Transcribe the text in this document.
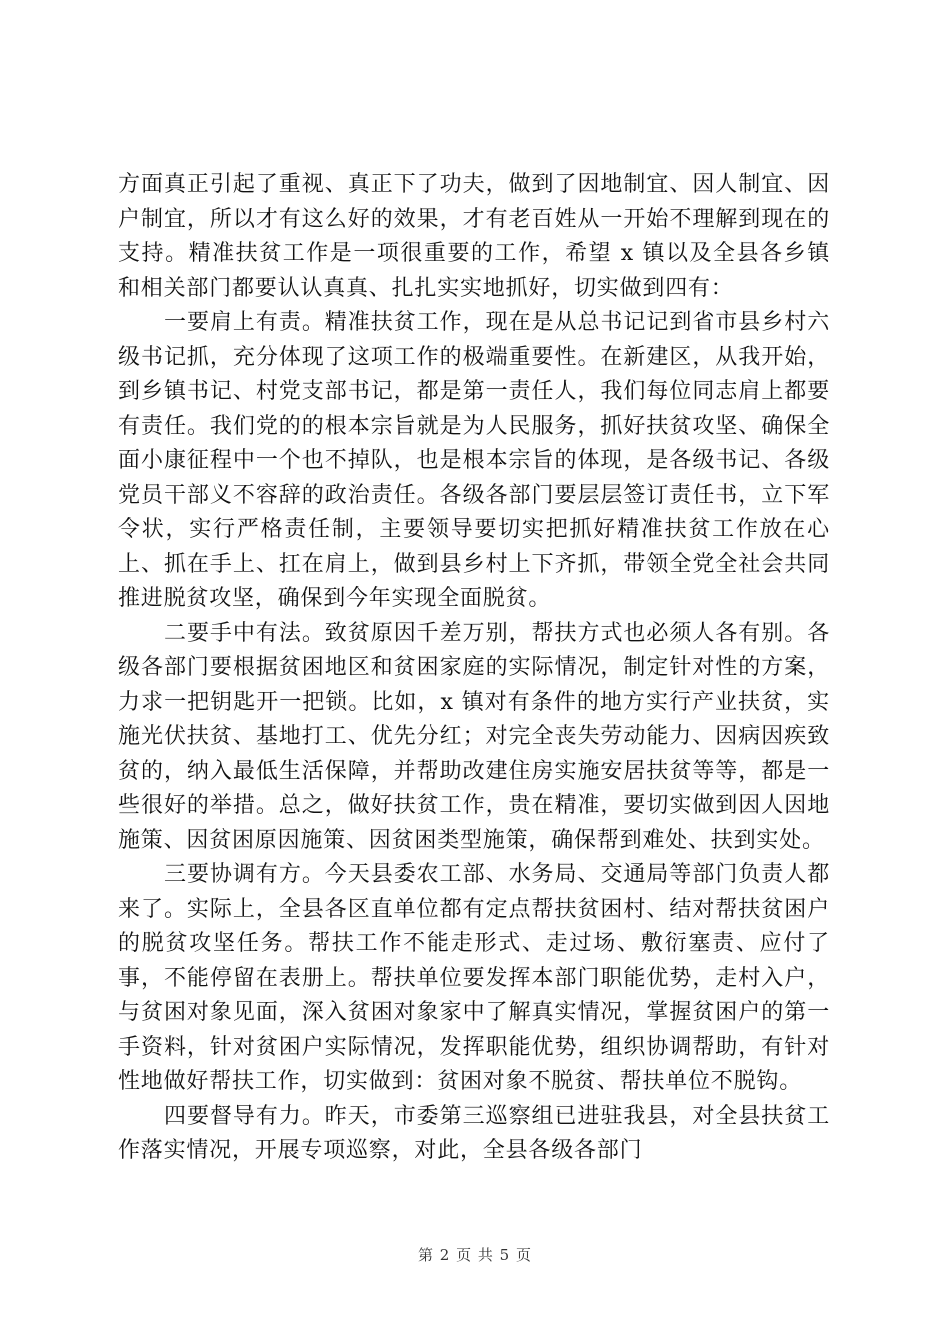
方面真正引起了重视、真正下了功夫，做到了因地制宜、因人制宜、因户制宜，所以才有这么好的效果，才有老百姓从一开始不理解到现在的支持。精准扶贫工作是一项很重要的工作，希望 x 镇以及全县各乡镇和相关部门都要认认真真、扎扎实实地抓好，切实做到四有：

一要肩上有责。精准扶贫工作，现在是从总书记记到省市县乡村六级书记抓，充分体现了这项工作的极端重要性。在新建区，从我开始，到乡镇书记、村党支部书记，都是第一责任人，我们每位同志肩上都要有责任。我们党的的根本宗旨就是为人民服务，抓好扶贫攻坚、确保全面小康征程中一个也不掉队，也是根本宗旨的体现，是各级书记、各级党员干部义不容辞的政治责任。各级各部门要层层签订责任书，立下军令状，实行严格责任制，主要领导要切实把抓好精准扶贫工作放在心上、抓在手上、扛在肩上，做到县乡村上下齐抓，带领全党全社会共同推进脱贫攻坚，确保到今年实现全面脱贫。

二要手中有法。致贫原因千差万别，帮扶方式也必须人各有别。各级各部门要根据贫困地区和贫困家庭的实际情况，制定针对性的方案，力求一把钥匙开一把锁。比如，x 镇对有条件的地方实行产业扶贫，实施光伏扶贫、基地打工、优先分红；对完全丧失劳动能力、因病因疾致贫的，纳入最低生活保障，并帮助改建住房实施安居扶贫等等，都是一些很好的举措。总之，做好扶贫工作，贵在精准，要切实做到因人因地施策、因贫困原因施策、因贫困类型施策，确保帮到难处、扶到实处。

三要协调有方。今天县委农工部、水务局、交通局等部门负责人都来了。实际上，全县各区直单位都有定点帮扶贫困村、结对帮扶贫困户的脱贫攻坚任务。帮扶工作不能走形式、走过场、敷衍塞责、应付了事，不能停留在表册上。帮扶单位要发挥本部门职能优势，走村入户，与贫困对象见面，深入贫困对象家中了解真实情况，掌握贫困户的第一手资料，针对贫困户实际情况，发挥职能优势，组织协调帮助，有针对性地做好帮扶工作，切实做到：贫困对象不脱贫、帮扶单位不脱钩。

四要督导有力。昨天，市委第三巡察组已进驻我县，对全县扶贫工作落实情况，开展专项巡察，对此，全县各级各部门

第 2 页 共 5 页
